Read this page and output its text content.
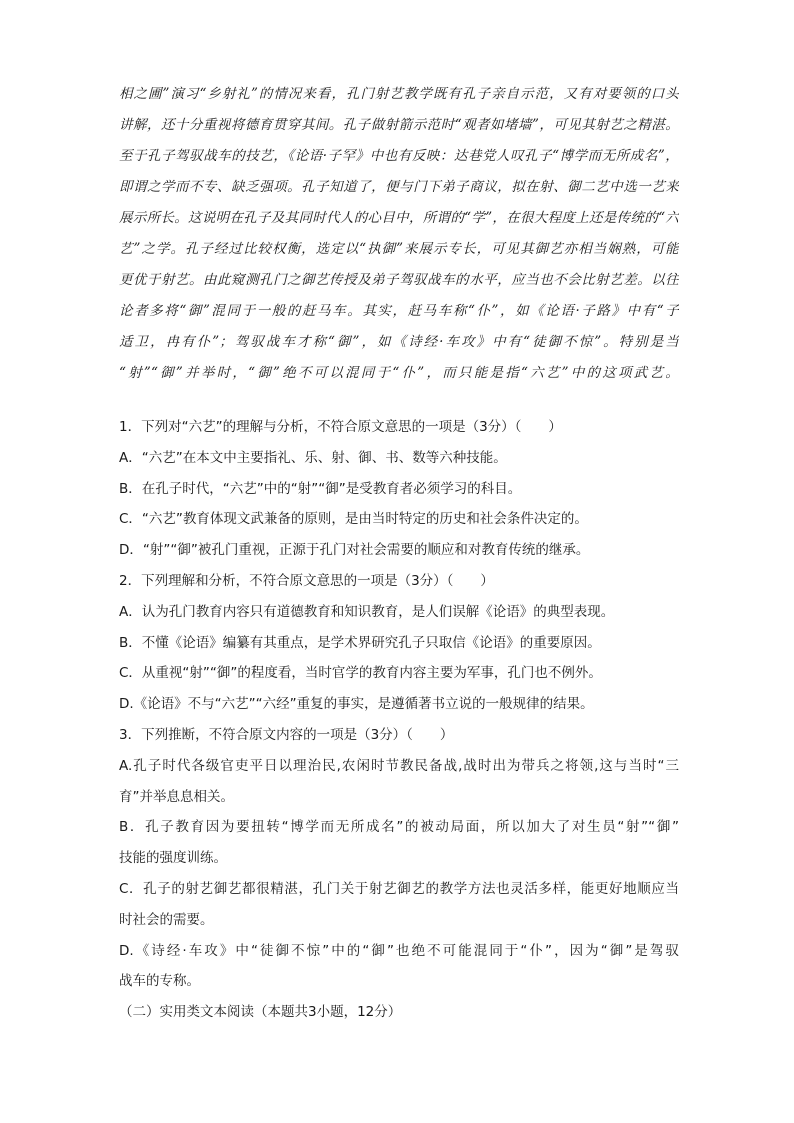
相之圃”演习“乡射礼”的情况来看，孔门射艺教学既有孔子亲自示范，又有对要领的口头
讲解，还十分重视将德育贯穿其间。孔子做射箭示范时“观者如堵墙”，可见其射艺之精湛。
至于孔子驾驭战车的技艺，《论语·子罕》中也有反映：达巷党人叹孔子“博学而无所成名”，
即谓之学而不专、缺乏强项。孔子知道了，便与门下弟子商议，拟在射、御二艺中选一艺来
展示所长。这说明在孔子及其同时代人的心目中，所谓的“学”，在很大程度上还是传统的“六
艺”之学。孔子经过比较权衡，选定以“执御”来展示专长，可见其御艺亦相当娴熟，可能
更优于射艺。由此窥测孔门之御艺传授及弟子驾驭战车的水平，应当也不会比射艺差。以往
论者多将“御”混同于一般的赶马车。其实，赶马车称“仆”，如《论语·子路》中有“子
适卫，冉有仆”；驾驭战车才称“御”，如《诗经·车攻》中有“徒御不惊”。特别是当
“射”“御”并举时，“御”绝不可以混同于“仆”，而只能是指“六艺”中的这项武艺。
1．下列对“六艺”的理解与分析，不符合原文意思的一项是（3分）（　　）
A．“六艺”在本文中主要指礼、乐、射、御、书、数等六种技能。
B．在孔子时代，“六艺”中的“射”“御”是受教育者必须学习的科目。
C．“六艺”教育体现文武兼备的原则，是由当时特定的历史和社会条件决定的。
D．“射”“御”被孔门重视，正源于孔门对社会需要的顺应和对教育传统的继承。
2．下列理解和分析，不符合原文意思的一项是（3分）（　　）
A．认为孔门教育内容只有道德教育和知识教育，是人们误解《论语》的典型表现。
B．不懂《论语》编纂有其重点，是学术界研究孔子只取信《论语》的重要原因。
C．从重视“射”“御”的程度看，当时官学的教育内容主要为军事，孔门也不例外。
D.《论语》不与“六艺”“六经”重复的事实，是遵循著书立说的一般规律的结果。
3．下列推断，不符合原文内容的一项是（3分）（　　）
A.孔子时代各级官吏平日以理治民,农闲时节教民备战,战时出为带兵之将领,这与当时“三
育”并举息息相关。
B．孔子教育因为要扭转“博学而无所成名”的被动局面，所以加大了对生员“射”“御”
技能的强度训练。
C．孔子的射艺御艺都很精湛，孔门关于射艺御艺的教学方法也灵活多样，能更好地顺应当
时社会的需要。
D.《诗经·车攻》中“徒御不惊”中的“御”也绝不可能混同于“仆”，因为“御”是驾驭
战车的专称。
（二）实用类文本阅读（本题共3小题，12分）
